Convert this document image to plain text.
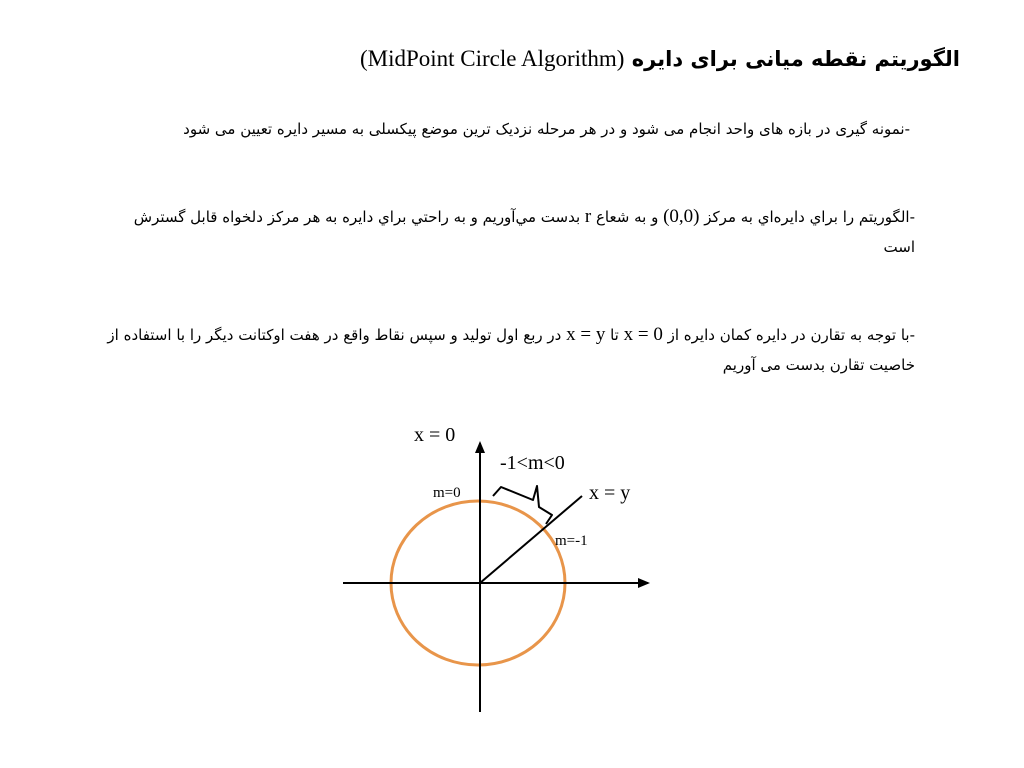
الگوریتم نقطه میانی برای دایره (MidPoint Circle Algorithm)
-نمونه گیری در بازه های واحد انجام می شود و در هر مرحله نزدیک ترین موضع پیکسلی به مسیر دایره تعیین می شود
-الگوريتم را براي دايره‌اي به مركز (0,0) و به شعاع r بدست مي‌آوريم و به راحتي براي دايره به هر مركز دلخواه قابل گسترش است
-با توجه به تقارن در دایره کمان دایره از x = 0 تا x = y در ربع اول تولید و سپس نقاط واقع در هفت اوکتانت دیگر را با استفاده از خاصیت تقارن بدست می آوریم
x = 0
-1<m<0
x = y
m=0
m=-1
